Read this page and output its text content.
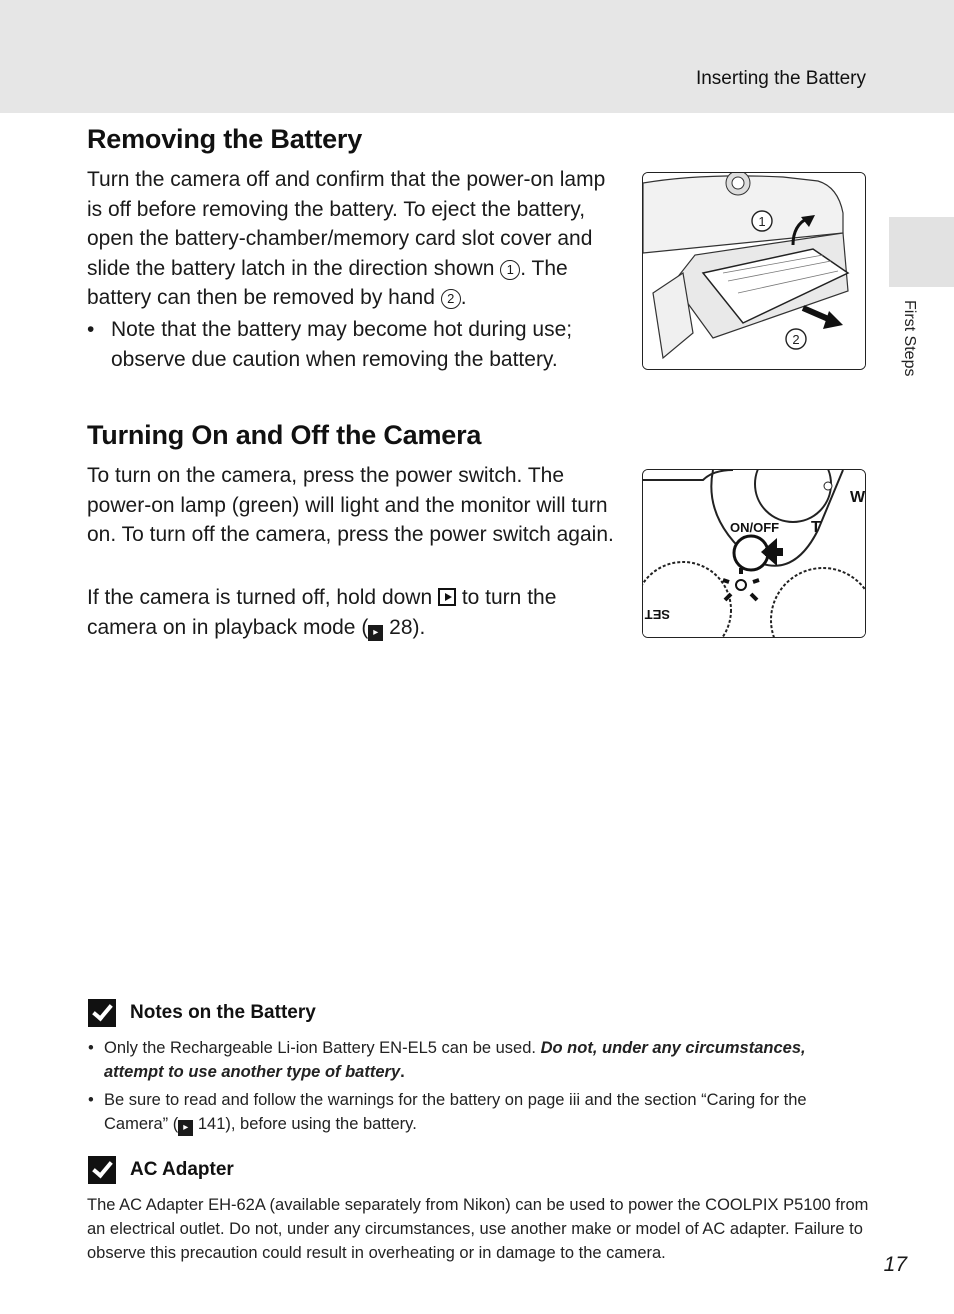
Inserting the Battery
First Steps
Removing the Battery

Turn the camera off and confirm that the power-on lamp is off before removing the battery. To eject the battery, open the battery-chamber/memory card slot cover and slide the battery latch in the direction shown 1 . The battery can then be removed by hand 2 .

• Note that the battery may become hot during use; observe due caution when removing the battery.
1
2
Turning On and Off the Camera

To turn on the camera, press the power switch. The power-on lamp (green) will light and the monitor will turn on. To turn off the camera, press the power switch again.

If the camera is turned off, hold down  to turn the camera on in playback mode ( ▸ 28).

ON/OFF T
W
SET
Notes on the Battery
• Only the Rechargeable Li-ion Battery EN-EL5 can be used. Do not, under any circumstances, attempt to use another type of battery.
• Be sure to read and follow the warnings for the battery on page iii and the section “Caring for the Camera” ( ▸ 141), before using the battery.
AC Adapter

The AC Adapter EH-62A (available separately from Nikon) can be used to power the COOLPIX P5100 from an electrical outlet. Do not, under any circumstances, use another make or model of AC adapter. Failure to observe this precaution could result in overheating or in damage to the camera.	17
